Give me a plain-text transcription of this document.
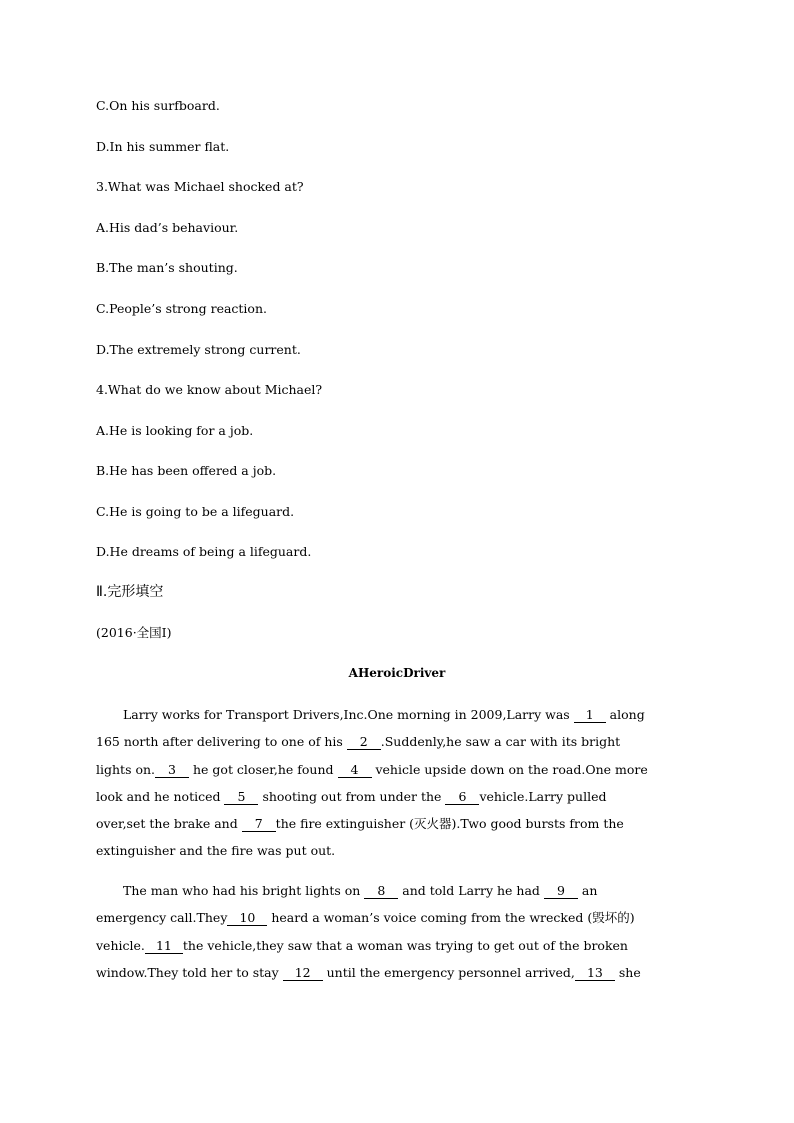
C.On his surfboard.
D.In his summer flat.
3.What was Michael shocked at?
A.His dad’s behaviour.
B.The man’s shouting.
C.People’s strong reaction.
D.The extremely strong current.
4.What do we know about Michael?
A.He is looking for a job.
B.He has been offered a job.
C.He is going to be a lifeguard.
D.He dreams of being a lifeguard.
Ⅱ.完形填空
(2016·全国Ⅰ)
AHeroicDriver
Larry works for Transport Drivers,Inc.One morning in 2009,Larry was 1 along
165 north after delivering to one of his 2 .Suddenly,he saw a car with its bright
lights on. 3 he got closer,he found 4 vehicle upside down on the road.One more
look and he noticed 5 shooting out from under the 6 vehicle.Larry pulled
over,set the brake and 7 the fire extinguisher (灭火器).Two good bursts from the
extinguisher and the fire was put out.
The man who had his bright lights on 8 and told Larry he had 9 an
emergency call.They 10 heard a woman’s voice coming from the wrecked (毁坏的)
vehicle. 11 the vehicle,they saw that a woman was trying to get out of the broken
window.They told her to stay 12 until the emergency personnel arrived, 13 she
